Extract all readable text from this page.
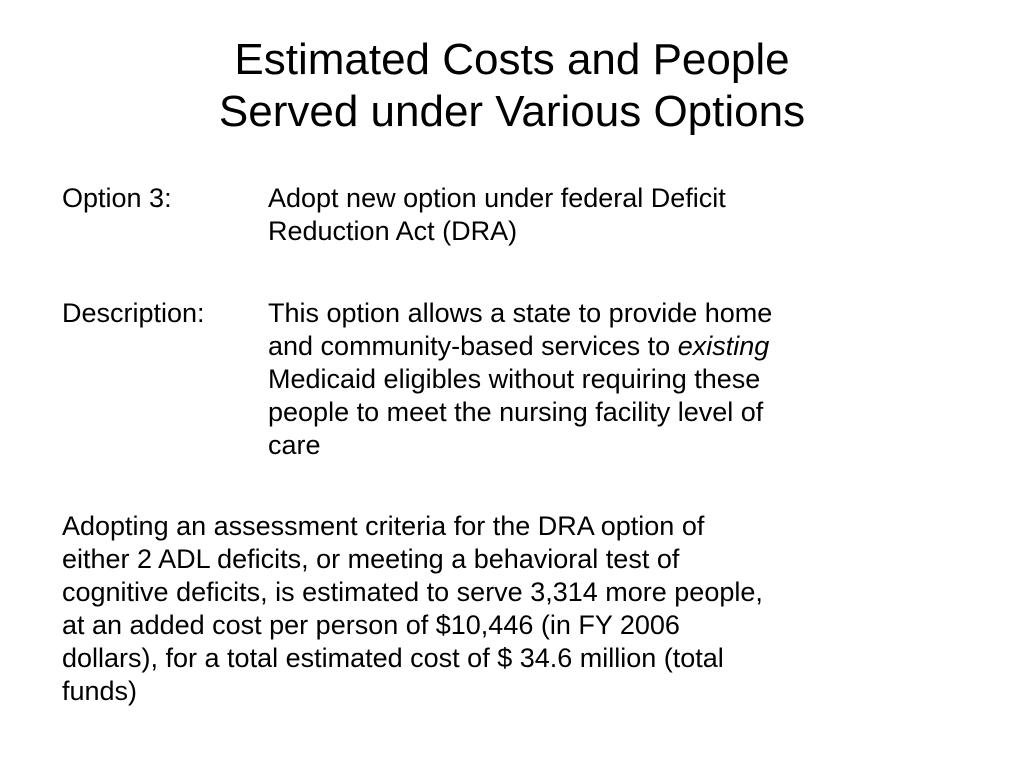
Estimated Costs and People
Served under Various Options
Option 3:	Adopt new option under federal Deficit
Reduction Act (DRA)
Description: This option allows a state to provide home
and community-based services to existing
Medicaid eligibles without requiring these
people to meet the nursing facility level of
care
Adopting an assessment criteria for the DRA option of
either 2 ADL deficits, or meeting a behavioral test of
cognitive deficits, is estimated to serve 3,314 more people,
at an added cost per person of $10,446 (in FY 2006
dollars), for a total estimated cost of $ 34.6 million (total
funds)
